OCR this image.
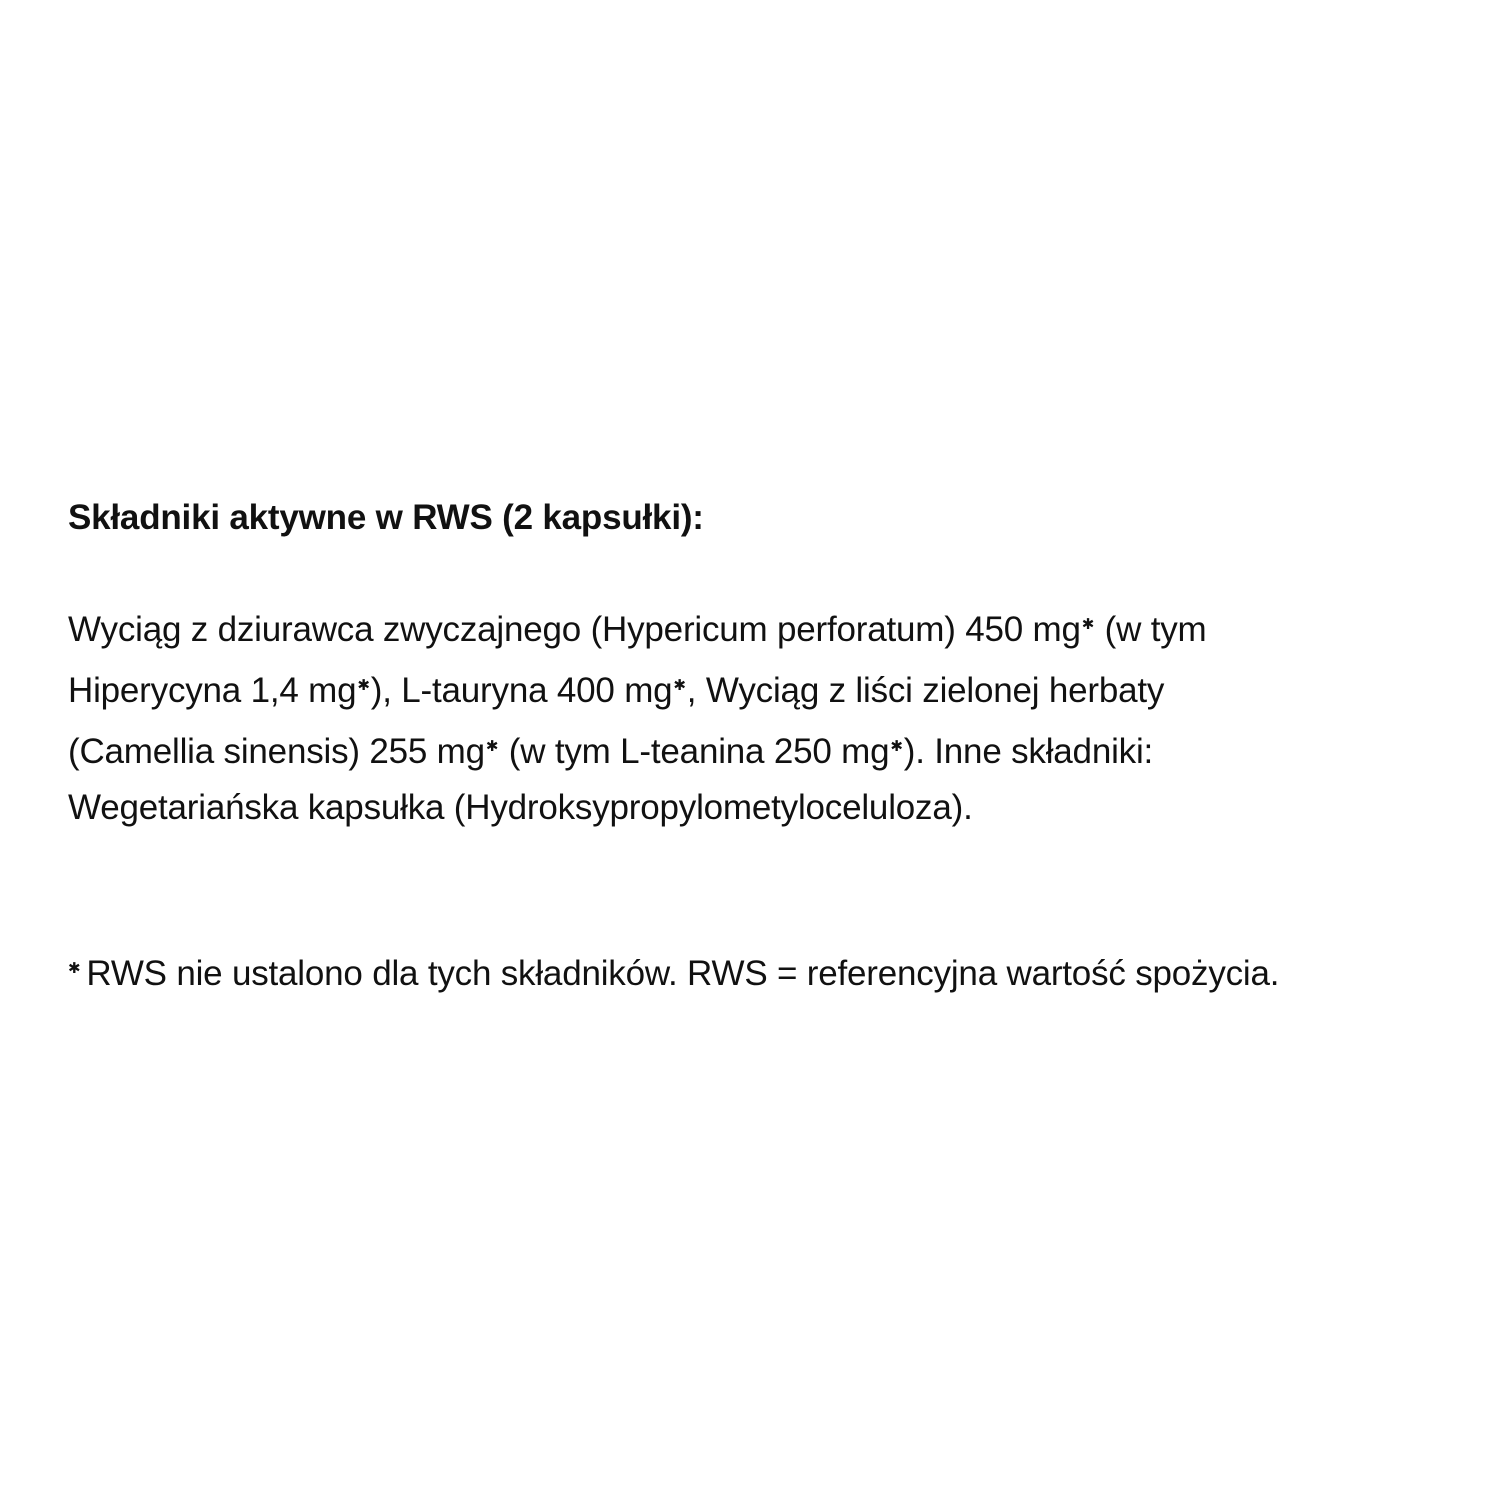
Składniki aktywne w RWS (2 kapsułki):

Wyciąg z dziurawca zwyczajnego (Hypericum perforatum) 450 mg✱ (w tym
Hiperycyna 1,4 mg✱), L-tauryna 400 mg✱, Wyciąg z liści zielonej herbaty
(Camellia sinensis) 255 mg✱ (w tym L-teanina 250 mg✱). Inne składniki:
Wegetariańska kapsułka (Hydroksypropylometyloceluloza).

✱ RWS nie ustalono dla tych składników. RWS = referencyjna wartość spożycia.
